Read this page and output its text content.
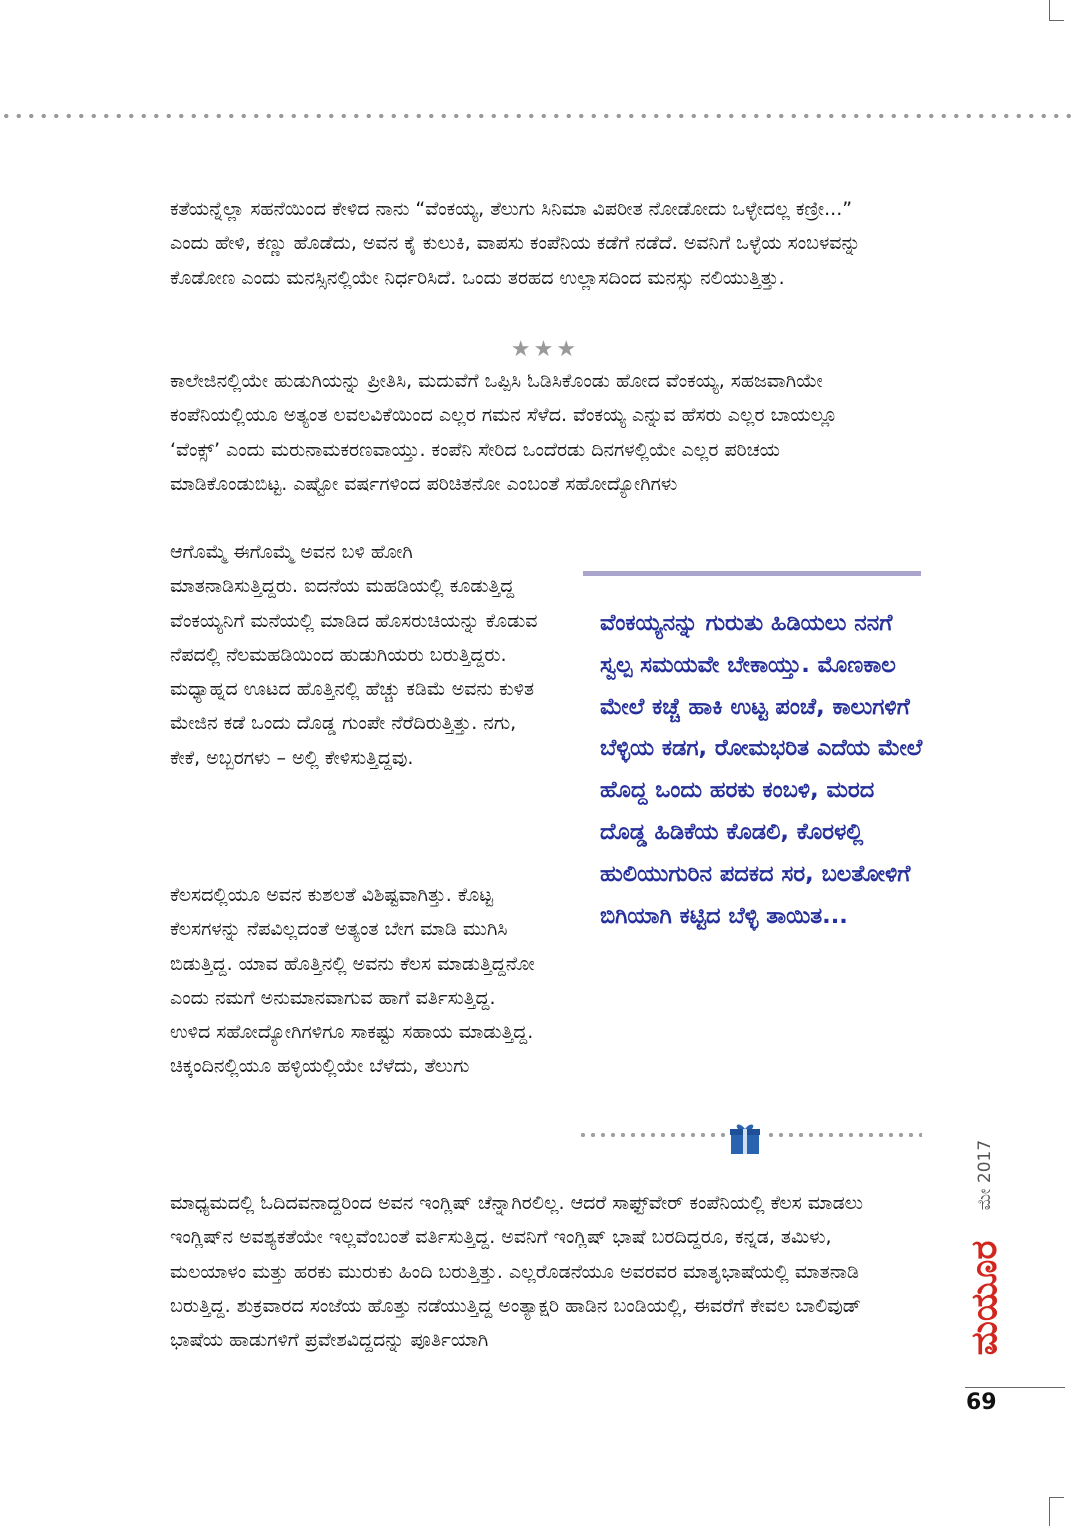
ಕತೆಯನ್ನೆಲ್ಲಾ ಸಹನೆಯಿಂದ ಕೇಳಿದ ನಾನು “ವೆಂಕಯ್ಯ, ತೆಲುಗು ಸಿನಿಮಾ ವಿಪರೀತ ನೋಡೋದು ಒಳ್ಳೇದಲ್ಲ ಕಣ್ರೀ...” ಎಂದು ಹೇಳಿ, ಕಣ್ಣು ಹೊಡೆದು, ಅವನ ಕೈ ಕುಲುಕಿ, ವಾಪಸು ಕಂಪೆನಿಯ ಕಡೆಗೆ ನಡೆದೆ. ಅವನಿಗೆ ಒಳ್ಳೆಯ ಸಂಬಳವನ್ನು ಕೊಡೋಣ ಎಂದು ಮನಸ್ಸಿನಲ್ಲಿಯೇ ನಿರ್ಧರಿಸಿದೆ. ಒಂದು ತರಹದ ಉಲ್ಲಾಸದಿಂದ ಮನಸ್ಸು ನಲಿಯುತ್ತಿತ್ತು.

★★★

ಕಾಲೇಜಿನಲ್ಲಿಯೇ ಹುಡುಗಿಯನ್ನು ಪ್ರೀತಿಸಿ, ಮದುವೆಗೆ ಒಪ್ಪಿಸಿ ಓಡಿಸಿಕೊಂಡು ಹೋದ ವೆಂಕಯ್ಯ, ಸಹಜವಾಗಿಯೇ ಕಂಪೆನಿಯಲ್ಲಿಯೂ ಅತ್ಯಂತ ಲವಲವಿಕೆಯಿಂದ ಎಲ್ಲರ ಗಮನ ಸೆಳೆದ. ವೆಂಕಯ್ಯ ಎನ್ನುವ ಹೆಸರು ಎಲ್ಲರ ಬಾಯಲ್ಲೂ ‘ವೆಂಕ್ಸ್’ ಎಂದು ಮರುನಾಮಕರಣವಾಯ್ತು. ಕಂಪೆನಿ ಸೇರಿದ ಒಂದೆರಡು ದಿನಗಳಲ್ಲಿಯೇ ಎಲ್ಲರ ಪರಿಚಯ ಮಾಡಿಕೊಂಡುಬಿಟ್ಟ. ಎಷ್ಟೋ ವರ್ಷಗಳಿಂದ ಪರಿಚಿತನೋ ಎಂಬಂತೆ ಸಹೋದ್ಯೋಗಿಗಳು

ಆಗೊಮ್ಮೆ ಈಗೊಮ್ಮೆ ಅವನ ಬಳಿ ಹೋಗಿ ಮಾತನಾಡಿಸುತ್ತಿದ್ದರು. ಐದನೆಯ ಮಹಡಿಯಲ್ಲಿ ಕೂಡುತ್ತಿದ್ದ ವೆಂಕಯ್ಯನಿಗೆ ಮನೆಯಲ್ಲಿ ಮಾಡಿದ ಹೊಸರುಚಿಯನ್ನು ಕೊಡುವ ನೆಪದಲ್ಲಿ ನೆಲಮಹಡಿಯಿಂದ ಹುಡುಗಿಯರು ಬರುತ್ತಿದ್ದರು. ಮಧ್ಯಾಹ್ನದ ಊಟದ ಹೊತ್ತಿನಲ್ಲಿ ಹೆಚ್ಚು ಕಡಿಮೆ ಅವನು ಕುಳಿತ ಮೇಜಿನ ಕಡೆ ಒಂದು ದೊಡ್ಡ ಗುಂಪೇ ನೆರೆದಿರುತ್ತಿತ್ತು. ನಗು, ಕೇಕೆ, ಅಬ್ಬರಗಳು – ಅಲ್ಲಿ ಕೇಳಿಸುತ್ತಿದ್ದವು.

ಕೆಲಸದಲ್ಲಿಯೂ ಅವನ ಕುಶಲತೆ ವಿಶಿಷ್ಟವಾಗಿತ್ತು. ಕೊಟ್ಟ ಕೆಲಸಗಳನ್ನು ನೆಪವಿಲ್ಲದಂತೆ ಅತ್ಯಂತ ಬೇಗ ಮಾಡಿ ಮುಗಿಸಿ ಬಿಡುತ್ತಿದ್ದ. ಯಾವ ಹೊತ್ತಿನಲ್ಲಿ ಅವನು ಕೆಲಸ ಮಾಡುತ್ತಿದ್ದನೋ ಎಂದು ನಮಗೆ ಅನುಮಾನವಾಗುವ ಹಾಗೆ ವರ್ತಿಸುತ್ತಿದ್ದ. ಉಳಿದ ಸಹೋದ್ಯೋಗಿಗಳಿಗೂ ಸಾಕಷ್ಟು ಸಹಾಯ ಮಾಡುತ್ತಿದ್ದ. ಚಿಕ್ಕಂದಿನಲ್ಲಿಯೂ ಹಳ್ಳಿಯಲ್ಲಿಯೇ ಬೆಳೆದು, ತೆಲುಗು

ವೆಂಕಯ್ಯನನ್ನು ಗುರುತು ಹಿಡಿಯಲು ನನಗೆ ಸ್ವಲ್ಪ ಸಮಯವೇ ಬೇಕಾಯ್ತು. ಮೊಣಕಾಲ ಮೇಲೆ ಕಚ್ಚೆ ಹಾಕಿ ಉಟ್ಟ ಪಂಚೆ, ಕಾಲುಗಳಿಗೆ ಬೆಳ್ಳಿಯ ಕಡಗ, ರೋಮಭರಿತ ಎದೆಯ ಮೇಲೆ ಹೊದ್ದ ಒಂದು ಹರಕು ಕಂಬಳಿ, ಮರದ ದೊಡ್ಡ ಹಿಡಿಕೆಯ ಕೊಡಲಿ, ಕೊರಳಲ್ಲಿ ಹುಲಿಯುಗುರಿನ ಪದಕದ ಸರ, ಬಲತೋಳಿಗೆ ಬಿಗಿಯಾಗಿ ಕಟ್ಟಿದ ಬೆಳ್ಳಿ ತಾಯಿತ...

ಮಾಧ್ಯಮದಲ್ಲಿ ಓದಿದವನಾದ್ದರಿಂದ ಅವನ ಇಂಗ್ಲಿಷ್ ಚೆನ್ನಾಗಿರಲಿಲ್ಲ. ಆದರೆ ಸಾಫ್ಟ್‌ವೇರ್ ಕಂಪೆನಿಯಲ್ಲಿ ಕೆಲಸ ಮಾಡಲು ಇಂಗ್ಲಿಷ್‌ನ ಅವಶ್ಯಕತೆಯೇ ಇಲ್ಲವೆಂಬಂತೆ ವರ್ತಿಸುತ್ತಿದ್ದ. ಅವನಿಗೆ ಇಂಗ್ಲಿಷ್ ಭಾಷೆ ಬರದಿದ್ದರೂ, ಕನ್ನಡ, ತಮಿಳು, ಮಲಯಾಳಂ ಮತ್ತು ಹರಕು ಮುರುಕು ಹಿಂದಿ ಬರುತ್ತಿತ್ತು. ಎಲ್ಲರೊಡನೆಯೂ ಅವರವರ ಮಾತೃಭಾಷೆಯಲ್ಲಿ ಮಾತನಾಡಿ ಬರುತ್ತಿದ್ದ. ಶುಕ್ರವಾರದ ಸಂಜೆಯ ಹೊತ್ತು ನಡೆಯುತ್ತಿದ್ದ ಅಂತ್ಯಾಕ್ಷರಿ ಹಾಡಿನ ಬಂಡಿಯಲ್ಲಿ, ಈವರೆಗೆ ಕೇವಲ ಬಾಲಿವುಡ್ ಭಾಷೆಯ ಹಾಡುಗಳಿಗೆ ಪ್ರವೇಶವಿದ್ದದನ್ನು ಪೂರ್ತಿಯಾಗಿ

ಮೇ 2017
ಮಯೂರ
69
